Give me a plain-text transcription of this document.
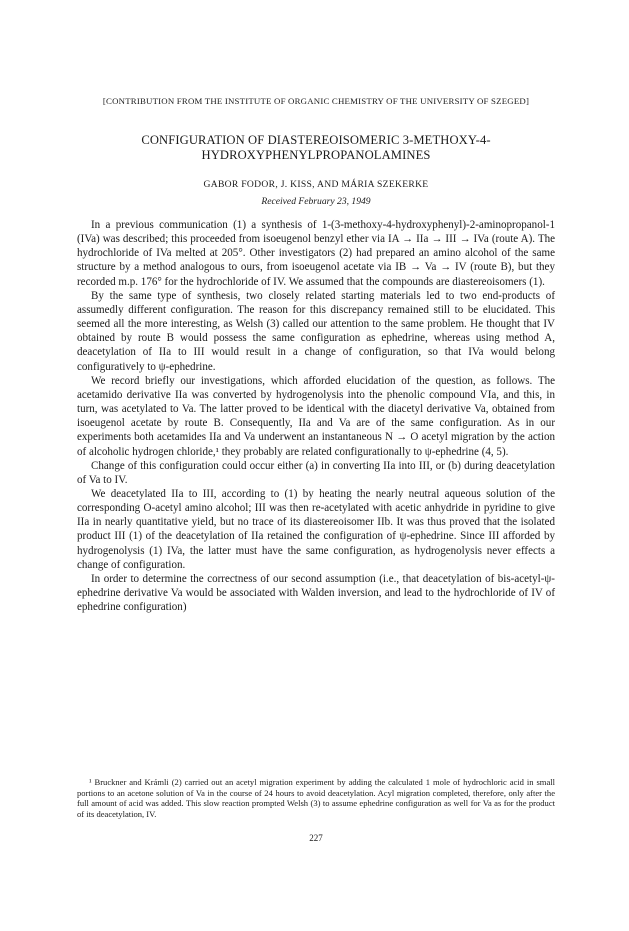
[CONTRIBUTION FROM THE INSTITUTE OF ORGANIC CHEMISTRY OF THE UNIVERSITY OF SZEGED]
CONFIGURATION OF DIASTEREOISOMERIC 3-METHOXY-4-HYDROXYPHENYLPROPANOLAMINES
GABOR FODOR, J. KISS, AND MÁRIA SZEKERKE
Received February 23, 1949

In a previous communication (1) a synthesis of 1-(3-methoxy-4-hydroxyphenyl)-2-aminopropanol-1 (IVa) was described; this proceeded from isoeugenol benzyl ether via IA → IIa → III → IVa (route A). The hydrochloride of IVa melted at 205°. Other investigators (2) had prepared an amino alcohol of the same structure by a method analogous to ours, from isoeugenol acetate via IB → Va → IV (route B), but they recorded m.p. 176° for the hydrochloride of IV. We assumed that the compounds are diastereoisomers (1).

By the same type of synthesis, two closely related starting materials led to two end-products of assumedly different configuration. The reason for this discrepancy remained still to be elucidated. This seemed all the more interesting, as Welsh (3) called our attention to the same problem. He thought that IV obtained by route B would possess the same configuration as ephedrine, whereas using method A, deacetylation of IIa to III would result in a change of configuration, so that IVa would belong configuratively to ψ-ephedrine.

We record briefly our investigations, which afforded elucidation of the question, as follows. The acetamido derivative IIa was converted by hydrogenolysis into the phenolic compound VIa, and this, in turn, was acetylated to Va. The latter proved to be identical with the diacetyl derivative Va, obtained from isoeugenol acetate by route B. Consequently, IIa and Va are of the same configuration. As in our experiments both acetamides IIa and Va underwent an instantaneous N → O acetyl migration by the action of alcoholic hydrogen chloride,¹ they probably are related configurationally to ψ-ephedrine (4, 5).

Change of this configuration could occur either (a) in converting IIa into III, or (b) during deacetylation of Va to IV.

We deacetylated IIa to III, according to (1) by heating the nearly neutral aqueous solution of the corresponding O-acetyl amino alcohol; III was then re-acetylated with acetic anhydride in pyridine to give IIa in nearly quantitative yield, but no trace of its diastereoisomer IIb. It was thus proved that the isolated product III (1) of the deacetylation of IIa retained the configuration of ψ-ephedrine. Since III afforded by hydrogenolysis (1) IVa, the latter must have the same configuration, as hydrogenolysis never effects a change of configuration.

In order to determine the correctness of our second assumption (i.e., that deacetylation of bis-acetyl-ψ-ephedrine derivative Va would be associated with Walden inversion, and lead to the hydrochloride of IV of ephedrine configuration)

¹ Bruckner and Krámli (2) carried out an acetyl migration experiment by adding the calculated 1 mole of hydrochloric acid in small portions to an acetone solution of Va in the course of 24 hours to avoid deacetylation. Acyl migration completed, therefore, only after the full amount of acid was added. This slow reaction prompted Welsh (3) to assume ephedrine configuration as well for Va as for the product of its deacetylation, IV.

227
